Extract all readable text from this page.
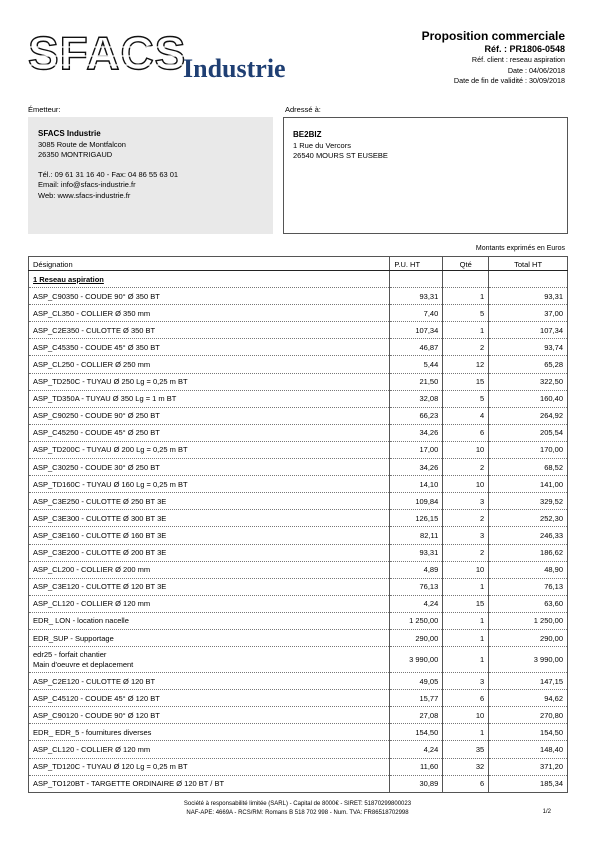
SFACS
Industrie
Proposition commerciale
Réf. : PR1806-0548
Réf. client : reseau aspiration
Date : 04/06/2018
Date de fin de validité : 30/09/2018
Émetteur:	Adressé à:
SFACS Industrie
3085 Route de Montfalcon
26350 MONTRIGAUD
Tél.: 09 61 31 16 40 - Fax: 04 86 55 63 01
Email: info@sfacs-industrie.fr
Web: www.sfacs-industrie.fr
BE2BIZ
1 Rue du Vercors
26540 MOURS ST EUSEBE
Montants exprimés en Euros
Désignation	P.U. HT	Qté	Total HT
1 Reseau aspiration			
ASP_C90350 - COUDE 90° Ø 350 BT	93,31	1	93,31
ASP_CL350 - COLLIER Ø 350 mm	7,40	5	37,00
ASP_C2E350 - CULOTTE Ø 350 BT	107,34	1	107,34
ASP_C45350 - COUDE 45° Ø 350 BT	46,87	2	93,74
ASP_CL250 - COLLIER Ø 250 mm	5,44	12	65,28
ASP_TD250C - TUYAU Ø 250 Lg = 0,25 m BT	21,50	15	322,50
ASP_TD350A - TUYAU Ø 350 Lg = 1 m BT	32,08	5	160,40
ASP_C90250 - COUDE 90° Ø 250 BT	66,23	4	264,92
ASP_C45250 - COUDE 45° Ø 250 BT	34,26	6	205,54
ASP_TD200C - TUYAU Ø 200 Lg = 0,25 m BT	17,00	10	170,00
ASP_C30250 - COUDE 30° Ø 250 BT	34,26	2	68,52
ASP_TD160C - TUYAU Ø 160 Lg = 0,25 m BT	14,10	10	141,00
ASP_C3E250 - CULOTTE Ø 250 BT 3E	109,84	3	329,52
ASP_C3E300 - CULOTTE Ø 300 BT 3E	126,15	2	252,30
ASP_C3E160 - CULOTTE Ø 160 BT 3E	82,11	3	246,33
ASP_C3E200 - CULOTTE Ø 200 BT 3E	93,31	2	186,62
ASP_CL200 - COLLIER Ø 200 mm	4,89	10	48,90
ASP_C3E120 - CULOTTE Ø 120 BT 3E	76,13	1	76,13
ASP_CL120 - COLLIER Ø 120 mm	4,24	15	63,60
EDR_ LON - location nacelle	1 250,00	1	1 250,00
EDR_SUP - Supportage	290,00	1	290,00

edr25 - forfait chantier
Main d'oeuvre et deplacement	3 990,00	1	3 990,00
ASP_C2E120 - CULOTTE Ø 120 BT	49,05	3	147,15
ASP_C45120 - COUDE 45° Ø 120 BT	15,77	6	94,62
ASP_C90120 - COUDE 90° Ø 120 BT	27,08	10	270,80
EDR_ EDR_5 - fournitures diverses	154,50	1	154,50
ASP_CL120 - COLLIER Ø 120 mm	4,24	35	148,40
ASP_TD120C - TUYAU Ø 120 Lg = 0,25 m BT	11,60	32	371,20
ASP_TO120BT - TARGETTE ORDINAIRE Ø 120 BT / BT	30,89	6	185,34
Société à responsabilité limitée (SARL) - Capital de 8000€ - SIRET: 51870299800023
NAF-APE: 4669A - RCS/RM: Romans B 518 702 998 - Num. TVA: FR86518702998	1/2
